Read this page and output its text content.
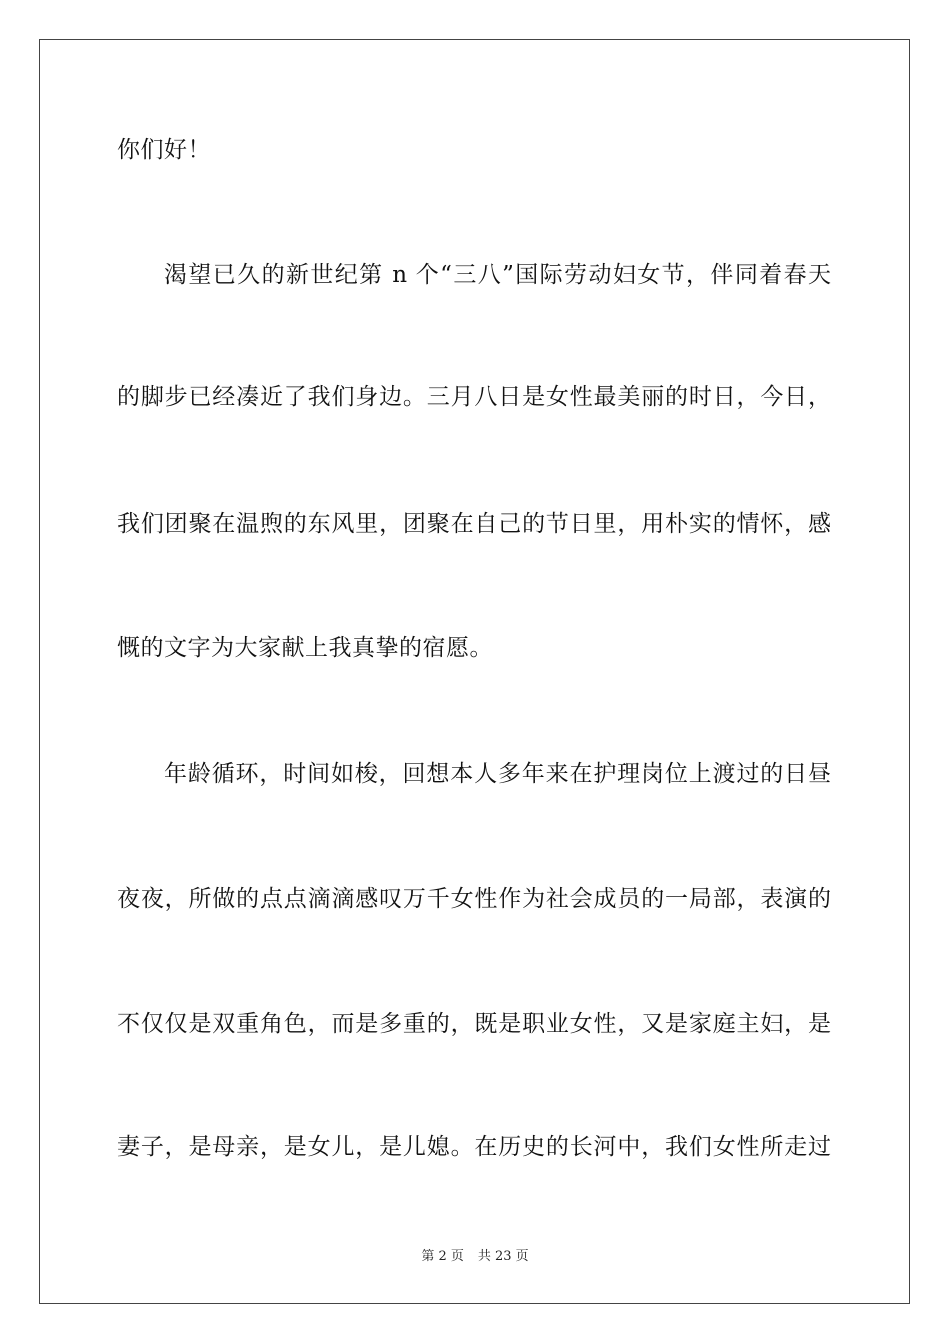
你们好！
渴望已久的新世纪第 n 个“三八”国际劳动妇女节，伴同着春天
的脚步已经凑近了我们身边。三月八日是女性最美丽的时日，今日，
我们团聚在温煦的东风里，团聚在自己的节日里，用朴实的情怀，感
慨的文字为大家献上我真挚的宿愿。
年龄循环，时间如梭，回想本人多年来在护理岗位上渡过的日昼
夜夜，所做的点点滴滴感叹万千女性作为社会成员的一局部，表演的
不仅仅是双重角色，而是多重的，既是职业女性，又是家庭主妇，是
妻子，是母亲，是女儿，是儿媳。在历史的长河中，我们女性所走过
第 2 页 共 23 页
